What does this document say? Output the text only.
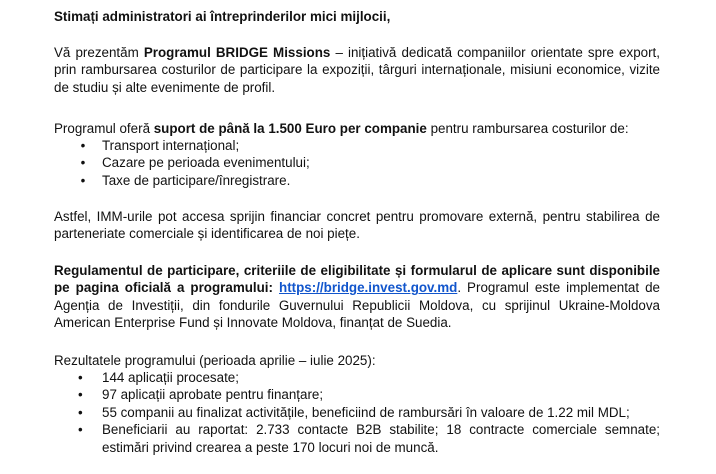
Stimați administratori ai întreprinderilor mici mijlocii,

Vă prezentăm Programul BRIDGE Missions – inițiativă dedicată companiilor orientate spre export, prin rambursarea costurilor de participare la expoziții, târguri internaționale, misiuni economice, vizite de studiu și alte evenimente de profil.

Programul oferă suport de până la 1.500 Euro per companie pentru rambursarea costurilor de:

• Transport internațional;
• Cazare pe perioada evenimentului;
• Taxe de participare/înregistrare.

Astfel, IMM-urile pot accesa sprijin financiar concret pentru promovare externă, pentru stabilirea de parteneriate comerciale și identificarea de noi piețe.

Regulamentul de participare, criteriile de eligibilitate și formularul de aplicare sunt disponibile pe pagina oficială a programului: https://bridge.invest.gov.md. Programul este implementat de Agenția de Investiții, din fondurile Guvernului Republicii Moldova, cu sprijinul Ukraine-Moldova American Enterprise Fund și Innovate Moldova, finanțat de Suedia.

Rezultatele programului (perioada aprilie – iulie 2025):

•	144 aplicații procesate;
•	97 aplicații aprobate pentru finanțare;
•	55 companii au finalizat activitățile, beneficiind de rambursări în valoare de 1.22 mil MDL;
•	Beneficiarii au raportat: 2.733 contacte B2B stabilite; 18 contracte comerciale semnate; estimări privind crearea a peste 170 locuri noi de muncă.
